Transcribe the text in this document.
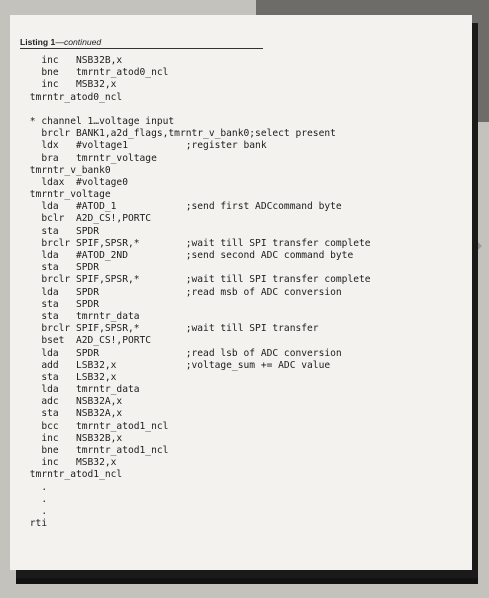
Listing 1—continued
inc   NSB32B,x
bne   tmrntr_atod0_ncl
inc   MSB32,x
tmrntr_atod0_ncl
* channel 1…voltage input
brclr BANK1,a2d_flags,tmrntr_v_bank0;select present
ldx   #voltage1          ;register bank
bra   tmrntr_voltage
tmrntr_v_bank0
ldax  #voltage0
tmrntr_voltage
lda   #ATOD_1            ;send first ADCcommand byte
bclr  A2D_CS!,PORTC
sta   SPDR
brclr SPIF,SPSR,*        ;wait till SPI transfer complete
lda   #ATOD_2ND          ;send second ADC command byte
sta   SPDR
brclr SPIF,SPSR,*        ;wait till SPI transfer complete
lda   SPDR               ;read msb of ADC conversion
sta   SPDR
sta   tmrntr_data
brclr SPIF,SPSR,*        ;wait till SPI transfer
bset  A2D_CS!,PORTC
lda   SPDR               ;read lsb of ADC conversion
add   LSB32,x            ;voltage_sum += ADC value
sta   LSB32,x
lda   tmrntr_data
adc   NSB32A,x
sta   NSB32A,x
bcc   tmrntr_atod1_ncl
inc   NSB32B,x
bne   tmrntr_atod1_ncl
inc   MSB32,x
tmrntr_atod1_ncl
.
.
.
rti
